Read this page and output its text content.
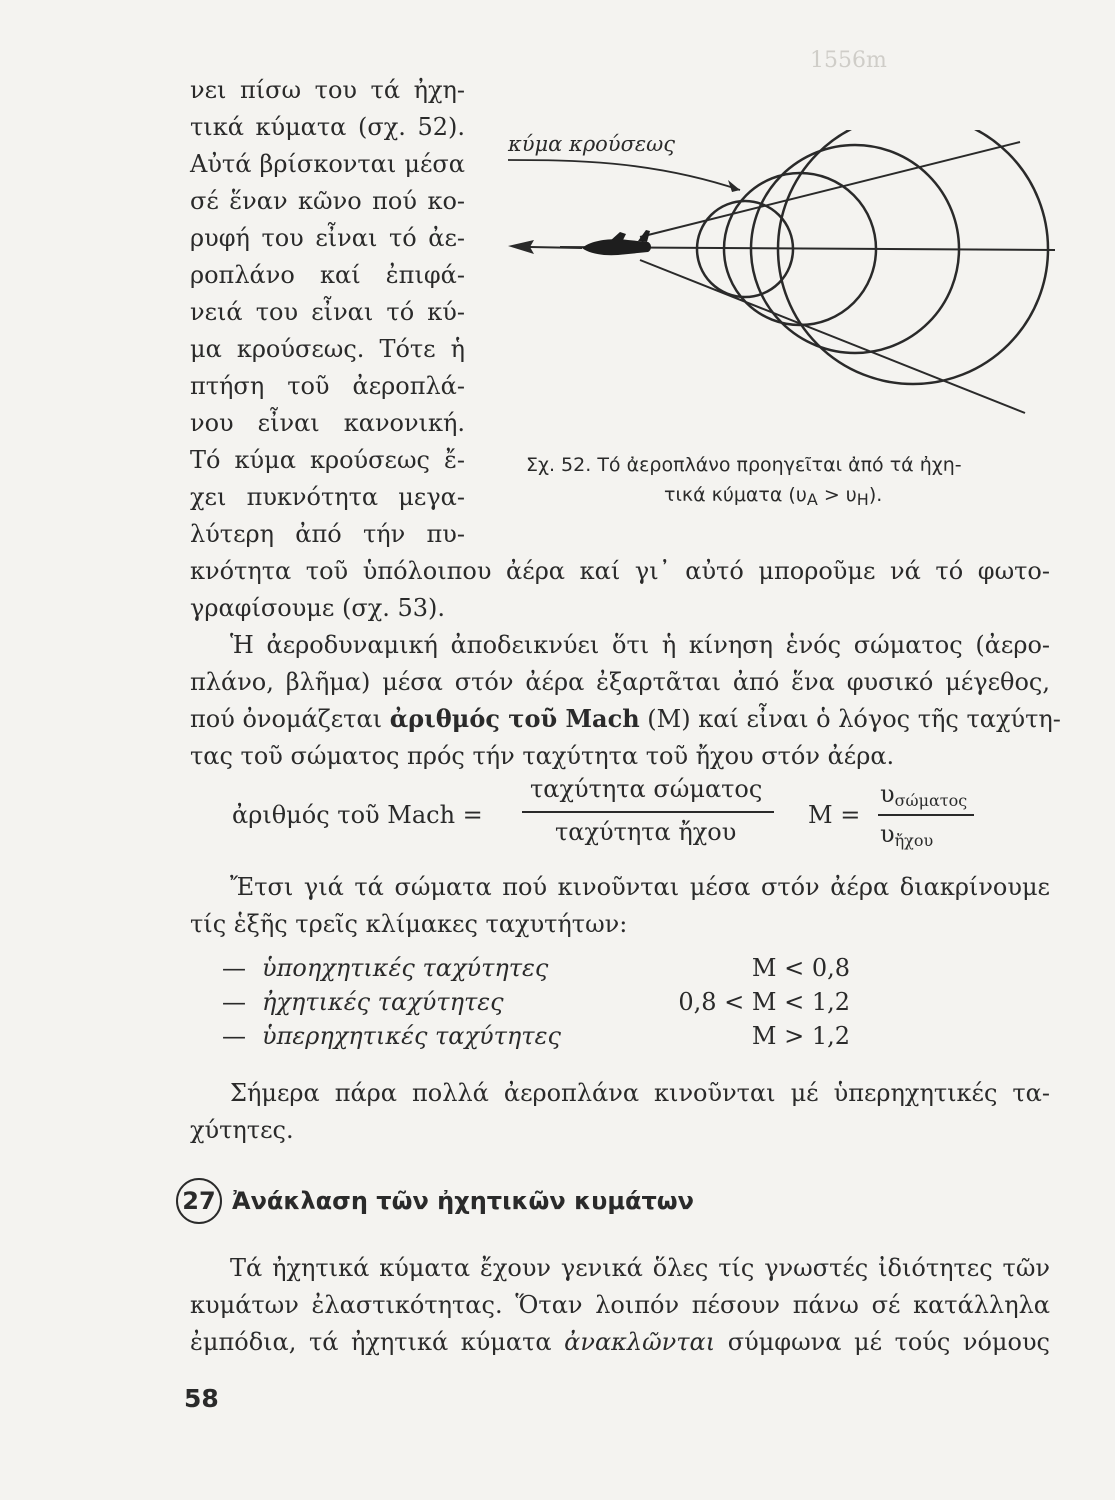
1556m
νει πίσω του τά ἠχη-
τικά κύματα (σχ. 52).
Αὐτά βρίσκονται μέσα
σέ ἕναν κῶνο πού κο-
ρυφή του εἶναι τό ἀε-
ροπλάνο καί ἐπιφά-
νειά του εἶναι τό κύ-
μα κρούσεως. Τότε ἡ
πτήση τοῦ ἀεροπλά-
νου εἶναι κανονική.
Τό κύμα κρούσεως ἔ-
χει πυκνότητα μεγα-
λύτερη ἀπό τήν πυ-
κύμα κρούσεως
Σχ. 52. Τό ἀεροπλάνο προηγεῖται ἀπό τά ἠχη-
τικά κύματα $(\upsilon_A > \upsilon_H)$.
κνότητα τοῦ ὑπόλοιπου ἀέρα καί γι᾽ αὐτό μποροῦμε νά τό φωτο-
γραφίσουμε (σχ. 53).
Ἡ ἀεροδυναμική ἀποδεικνύει ὅτι ἡ κίνηση ἑνός σώματος (ἀερο-
πλάνο, βλῆμα) μέσα στόν ἀέρα ἐξαρτᾶται ἀπό ἕνα φυσικό μέγεθος,
πού ὀνομάζεται ἀριθμός τοῦ Mach (M) καί εἶναι ὁ λόγος τῆς ταχύτη-
τας τοῦ σώματος πρός τήν ταχύτητα τοῦ ἤχου στόν ἀέρα.
ἀριθμός τοῦ Mach =
ταχύτητα σώματος
ταχύτητα ἤχου
M =
$\upsilon_{\sigma ώ\mu\alpha\tau o\varsigma}$
$\upsilon_{ἤ\chi o\upsilon}$
Ἔτσι γιά τά σώματα πού κινοῦνται μέσα στόν ἀέρα διακρίνουμε
τίς ἑξῆς τρεῖς κλίμακες ταχυτήτων:
— ὑποηχητικές ταχύτητες	M < 0,8
— ἠχητικές ταχύτητες	0,8 < M < 1,2
— ὑπερηχητικές ταχύτητες	M > 1,2
Σήμερα πάρα πολλά ἀεροπλάνα κινοῦνται μέ ὑπερηχητικές τα-
χύτητες.
27 Ἀνάκλαση τῶν ἠχητικῶν κυμάτων
Τά ἠχητικά κύματα ἔχουν γενικά ὅλες τίς γνωστές ἰδιότητες τῶν
κυμάτων ἐλαστικότητας. Ὅταν λοιπόν πέσουν πάνω σέ κατάλληλα
ἐμπόδια, τά ἠχητικά κύματα ἀνακλῶνται σύμφωνα μέ τούς νόμους
58
